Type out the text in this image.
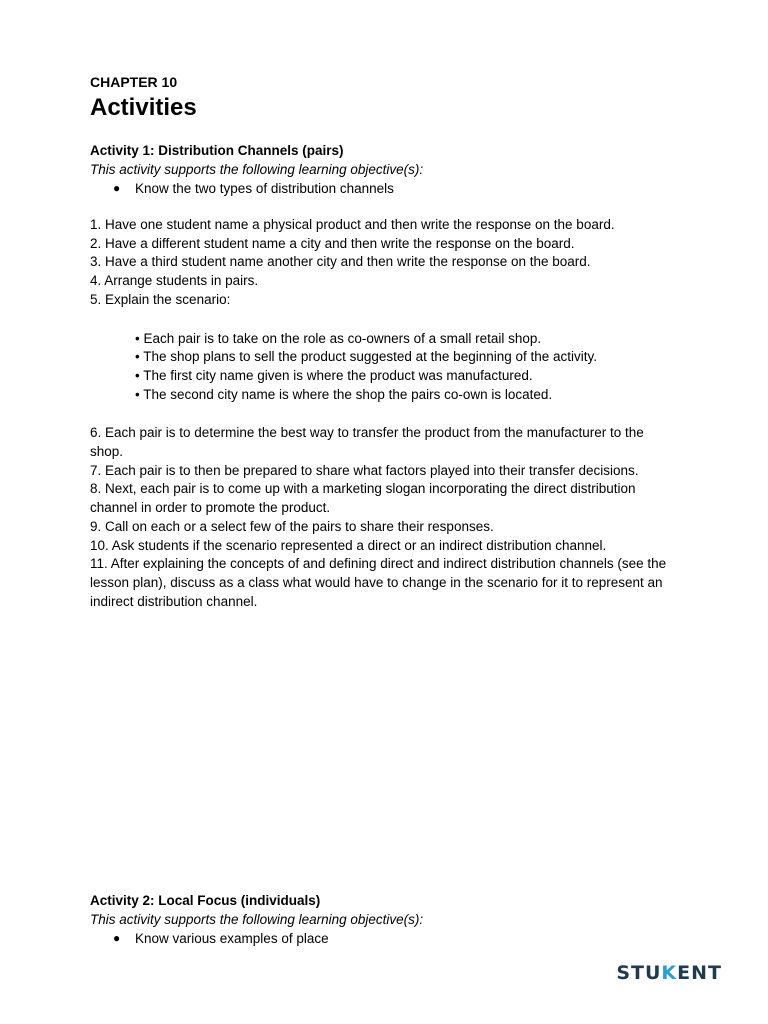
CHAPTER 10
Activities
Activity 1: Distribution Channels (pairs)
This activity supports the following learning objective(s):
● Know the two types of distribution channels
1. Have one student name a physical product and then write the response on the board.
2. Have a different student name a city and then write the response on the board.
3. Have a third student name another city and then write the response on the board.
4. Arrange students in pairs.
5. Explain the scenario:
• Each pair is to take on the role as co-owners of a small retail shop.
• The shop plans to sell the product suggested at the beginning of the activity.
• The first city name given is where the product was manufactured.
• The second city name is where the shop the pairs co-own is located.
6. Each pair is to determine the best way to transfer the product from the manufacturer to the shop.
7. Each pair is to then be prepared to share what factors played into their transfer decisions.
8. Next, each pair is to come up with a marketing slogan incorporating the direct distribution channel in order to promote the product.
9. Call on each or a select few of the pairs to share their responses.
10. Ask students if the scenario represented a direct or an indirect distribution channel.
11. After explaining the concepts of and defining direct and indirect distribution channels (see the lesson plan), discuss as a class what would have to change in the scenario for it to represent an indirect distribution channel.
Activity 2: Local Focus (individuals)
This activity supports the following learning objective(s):
● Know various examples of place
STUKENT
